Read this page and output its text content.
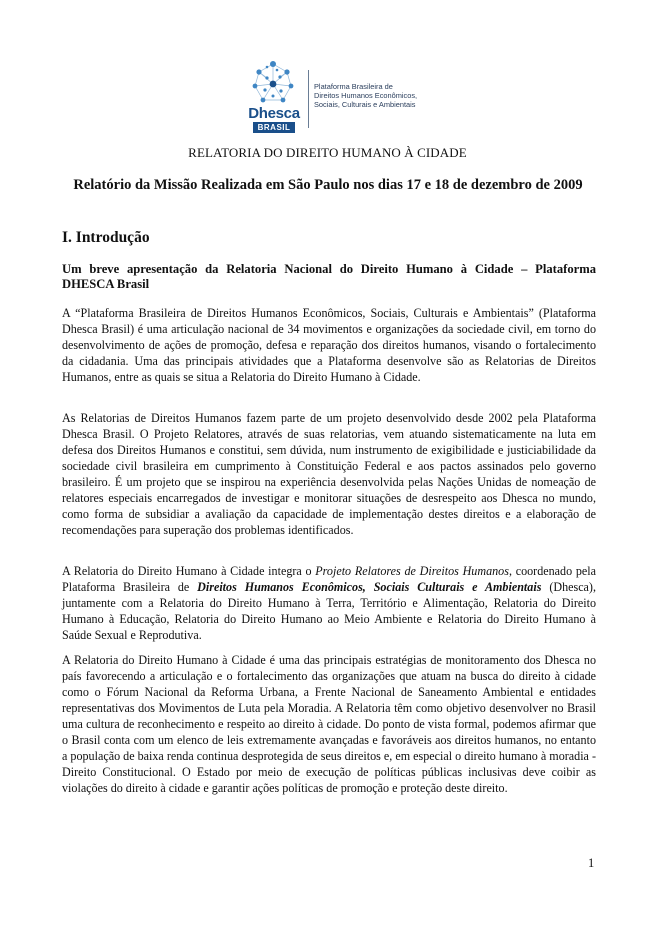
Dhesca
BRASIL
Plataforma Brasileira de
Direitos Humanos Econômicos,
Sociais, Culturais e Ambientais
RELATORIA DO DIREITO HUMANO À CIDADE
Relatório da Missão Realizada em São Paulo nos dias 17 e 18 de dezembro de 2009
I. Introdução
Um breve apresentação da Relatoria Nacional do Direito Humano à Cidade – Plataforma DHESCA Brasil

A “Plataforma Brasileira de Direitos Humanos Econômicos, Sociais, Culturais e Ambientais” (Plataforma Dhesca Brasil) é uma articulação nacional de 34 movimentos e organizações da sociedade civil, em torno do desenvolvimento de ações de promoção, defesa e reparação dos direitos humanos, visando o fortalecimento da cidadania. Uma das principais atividades que a Plataforma desenvolve são as Relatorias de Direitos Humanos, entre as quais se situa a Relatoria do Direito Humano à Cidade.

As Relatorias de Direitos Humanos fazem parte de um projeto desenvolvido desde 2002 pela Plataforma Dhesca Brasil. O Projeto Relatores, através de suas relatorias, vem atuando sistematicamente na luta em defesa dos Direitos Humanos e constitui, sem dúvida, num instrumento de exigibilidade e justiciabilidade da sociedade civil brasileira em cumprimento à Constituição Federal e aos pactos assinados pelo governo brasileiro. É um projeto que se inspirou na experiência desenvolvida pelas Nações Unidas de nomeação de relatores especiais encarregados de investigar e monitorar situações de desrespeito aos Dhesca no mundo, como forma de subsidiar a avaliação da capacidade de implementação destes direitos e a elaboração de recomendações para superação dos problemas identificados.

A Relatoria do Direito Humano à Cidade integra o Projeto Relatores de Direitos Humanos, coordenado pela Plataforma Brasileira de Direitos Humanos Econômicos, Sociais Culturais e Ambientais (Dhesca), juntamente com a Relatoria do Direito Humano à Terra, Território e Alimentação, Relatoria do Direito Humano à Educação, Relatoria do Direito Humano ao Meio Ambiente e Relatoria do Direito Humano à Saúde Sexual e Reprodutiva.

A Relatoria do Direito Humano à Cidade é uma das principais estratégias de monitoramento dos Dhesca no país favorecendo a articulação e o fortalecimento das organizações que atuam na busca do direito à cidade como o Fórum Nacional da Reforma Urbana, a Frente Nacional de Saneamento Ambiental e entidades representativas dos Movimentos de Luta pela Moradia. A Relatoria têm como objetivo desenvolver no Brasil uma cultura de reconhecimento e respeito ao direito à cidade. Do ponto de vista formal, podemos afirmar que o Brasil conta com um elenco de leis extremamente avançadas e favoráveis aos direitos humanos, no entanto a população de baixa renda continua desprotegida de seus direitos e, em especial o direito humano à moradia - Direito Constitucional. O Estado por meio de execução de políticas públicas inclusivas deve coibir as violações do direito à cidade e garantir ações políticas de promoção e proteção deste direito.

1
